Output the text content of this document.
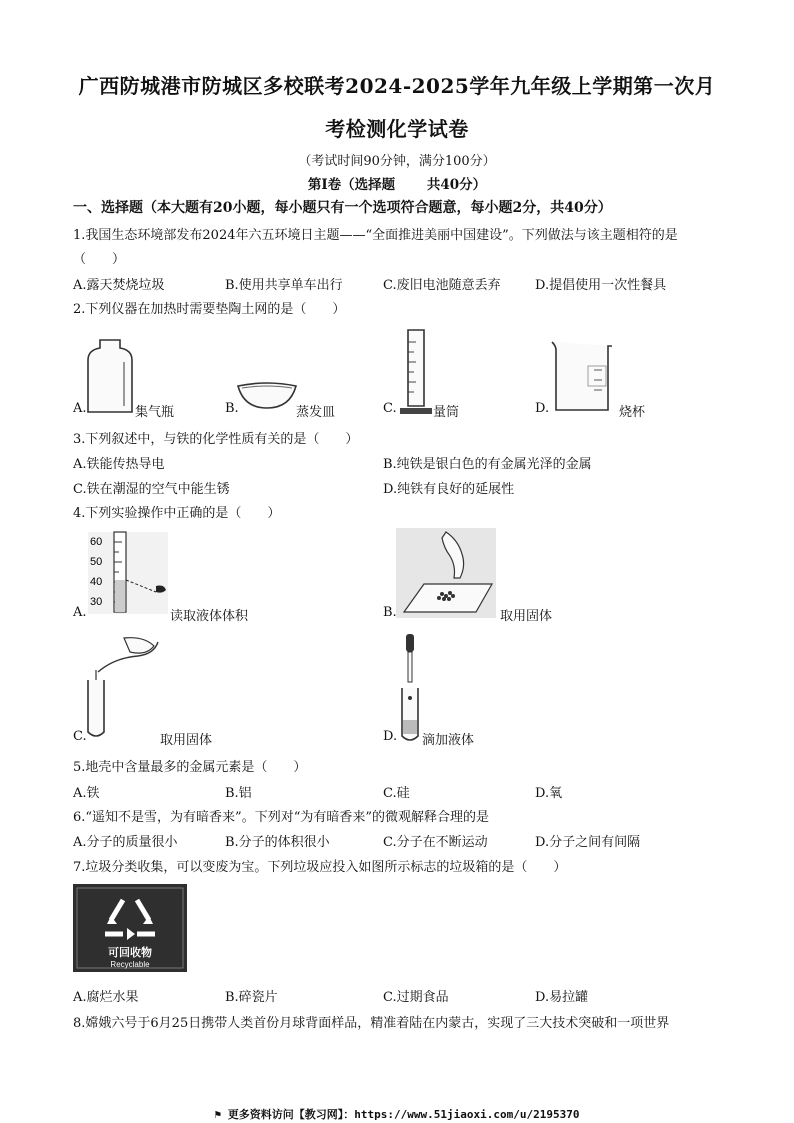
广西防城港市防城区多校联考2024-2025学年九年级上学期第一次月
考检测化学试卷
（考试时间90分钟，满分100分）
第Ⅰ卷（选择题　　 共40分）
一、选择题（本大题有20小题，每小题只有一个选项符合题意，每小题2分，共40分）
1.我国生态环境部发布2024年六五环境日主题——“全面推进美丽中国建设”。下列做法与该主题相符的是
（　　）
A.露天焚烧垃圾	B.使用共享单车出行	C.废旧电池随意丢弃	D.提倡使用一次性餐具
2.下列仪器在加热时需要垫陶土网的是（　　）
A.	集气瓶	B.	蒸发皿	C.	量筒	D.	烧杯
3.下列叙述中，与铁的化学性质有关的是（　　）
A.铁能传热导电	B.纯铁是银白色的有金属光泽的金属
C.铁在潮湿的空气中能生锈	D.纯铁有良好的延展性
4.下列实验操作中正确的是（　　）
60
50
40
30
A.	读取液体体积	B.	取用固体
C.	取用固体	D. 滴加液体
5.地壳中含量最多的金属元素是（　　）
A.铁	B.铝	C.硅	D.氧
6.“遥知不是雪，为有暗香来”。下列对“为有暗香来”的微观解释合理的是
A.分子的质量很小	B.分子的体积很小	C.分子在不断运动	D.分子之间有间隔
7.垃圾分类收集，可以变废为宝。下列垃圾应投入如图所示标志的垃圾箱的是（　　）
可回收物
Recyclable
A.腐烂水果	B.碎瓷片	C.过期食品	D.易拉罐
8.嫦娥六号于6月25日携带人类首份月球背面样品，精准着陆在内蒙古，实现了三大技术突破和一项世界
⚑ 更多资料访问【教习网】：https://www.51jiaoxi.com/u/2195370
